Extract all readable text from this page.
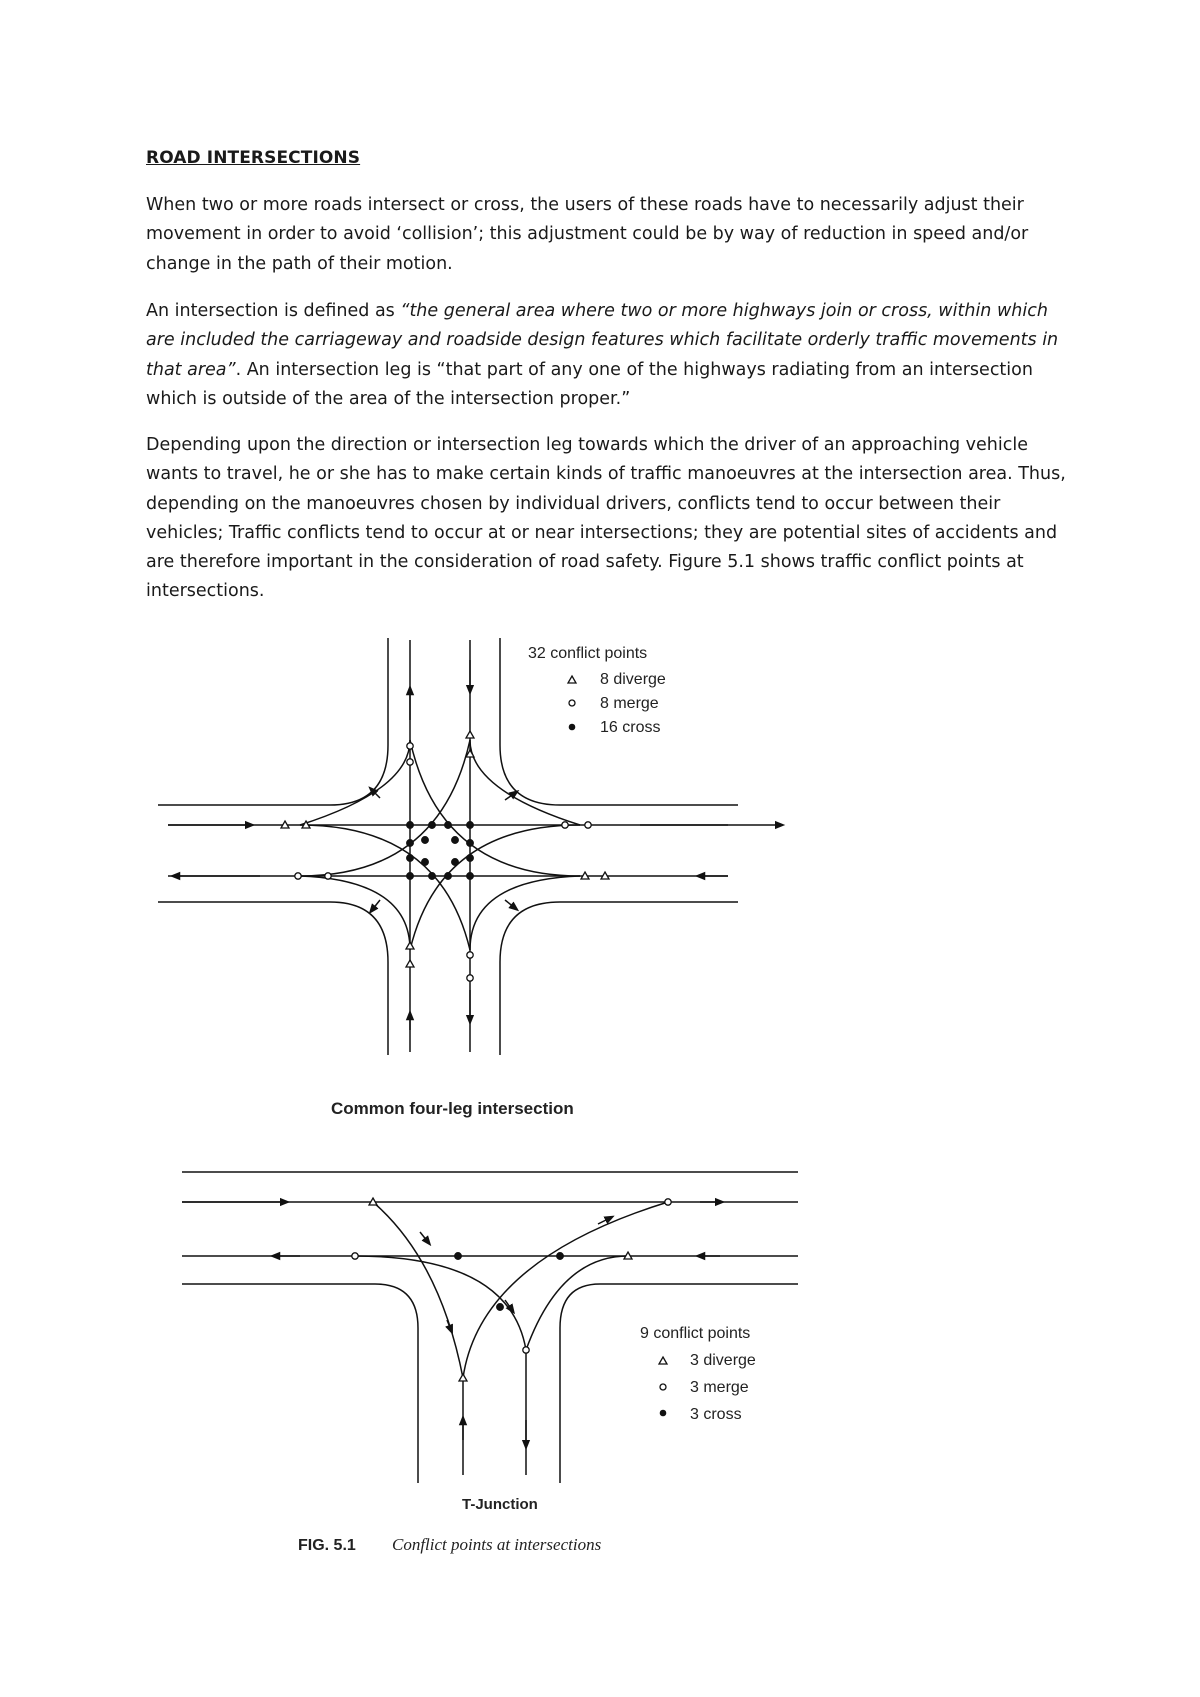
ROAD INTERSECTIONS

When two or more roads intersect or cross, the users of these roads have to necessarily adjust their movement in order to avoid ‘collision’; this adjustment could be by way of reduction in speed and/or change in the path of their motion.

An intersection is defined as “the general area where two or more highways join or cross, within which are included the carriageway and roadside design features which facilitate orderly traffic movements in that area”. An intersection leg is “that part of any one of the highways radiating from an intersection which is outside of the area of the intersection proper.”

Depending upon the direction or intersection leg towards which the driver of an approaching vehicle wants to travel, he or she has to make certain kinds of traffic manoeuvres at the intersection area. Thus, depending on the manoeuvres chosen by individual drivers, conflicts tend to occur between their vehicles; Traffic conflicts tend to occur at or near intersections; they are potential sites of accidents and are therefore important in the consideration of road safety. Figure 5.1 shows traffic conflict points at intersections.

32 conflict points
8 diverge
8 merge
16 cross
Common four-leg intersection
9 conflict points
3 diverge
3 merge
3 cross
T-Junction
FIG. 5.1 Conflict points at intersections
